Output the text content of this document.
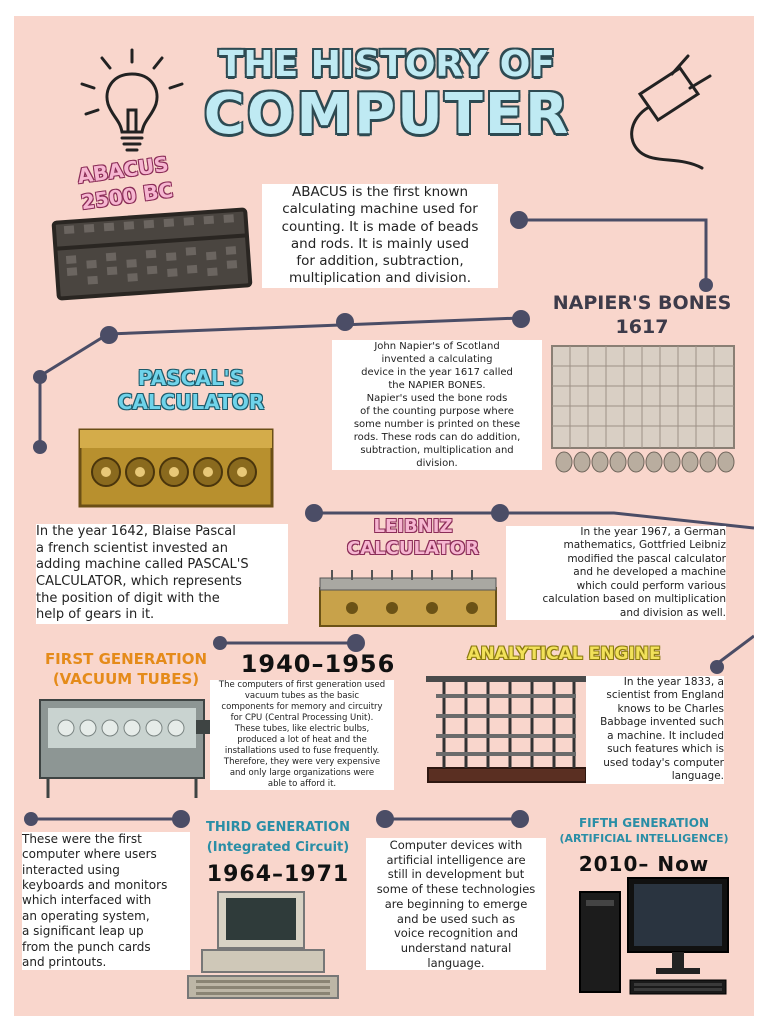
THE HISTORY OF
COMPUTER
ABACUS
2500 BC	ABACUS is the first known
calculating machine used for
counting. It is made of beads
and rods. It is mainly used
for addition, subtraction,
multiplication and division.
NAPIER'S BONES
1617
John Napier's of Scotland
invented a calculating
device in the year 1617 called
the NAPIER BONES.
Napier's used the bone rods
of the counting purpose where
some number is printed on these
rods. These rods can do addition,
subtraction, multiplication and
division.
PASCAL'S
CALCULATOR
In the year 1642, Blaise Pascal
a french scientist invested an
adding machine called PASCAL'S
CALCULATOR, which represents
the position of digit with the
help of gears in it.
LEIBNIZ
CALCULATOR
In the year 1967, a German
mathematics, Gottfried Leibniz
modified the pascal calculator
and he developed a machine
which could perform various
calculation based on multiplication
and division as well.
FIRST GENERATION
(VACUUM TUBES)
1940–1956
The computers of first generation used
vacuum tubes as the basic
components for memory and circuitry
for CPU (Central Processing Unit).
These tubes, like electric bulbs,
produced a lot of heat and the
installations used to fuse frequently.
Therefore, they were very expensive
and only large organizations were
able to afford it.
ANALYTICAL ENGINE
In the year 1833, a
scientist from England
knows to be Charles
Babbage invented such
a machine. It included
such features which is
used today's computer
language.
These were the first
computer where users
interacted using
keyboards and monitors
which interfaced with
an operating system,
a significant leap up
from the punch cards
and printouts.
THIRD GENERATION
(Integrated Circuit)
1964–1971
Computer devices with
artificial intelligence are
still in development but
some of these technologies
are beginning to emerge
and be used such as
voice recognition and
understand natural
language.
FIFTH GENERATION
(ARTIFICIAL INTELLIGENCE)
2010– Now
